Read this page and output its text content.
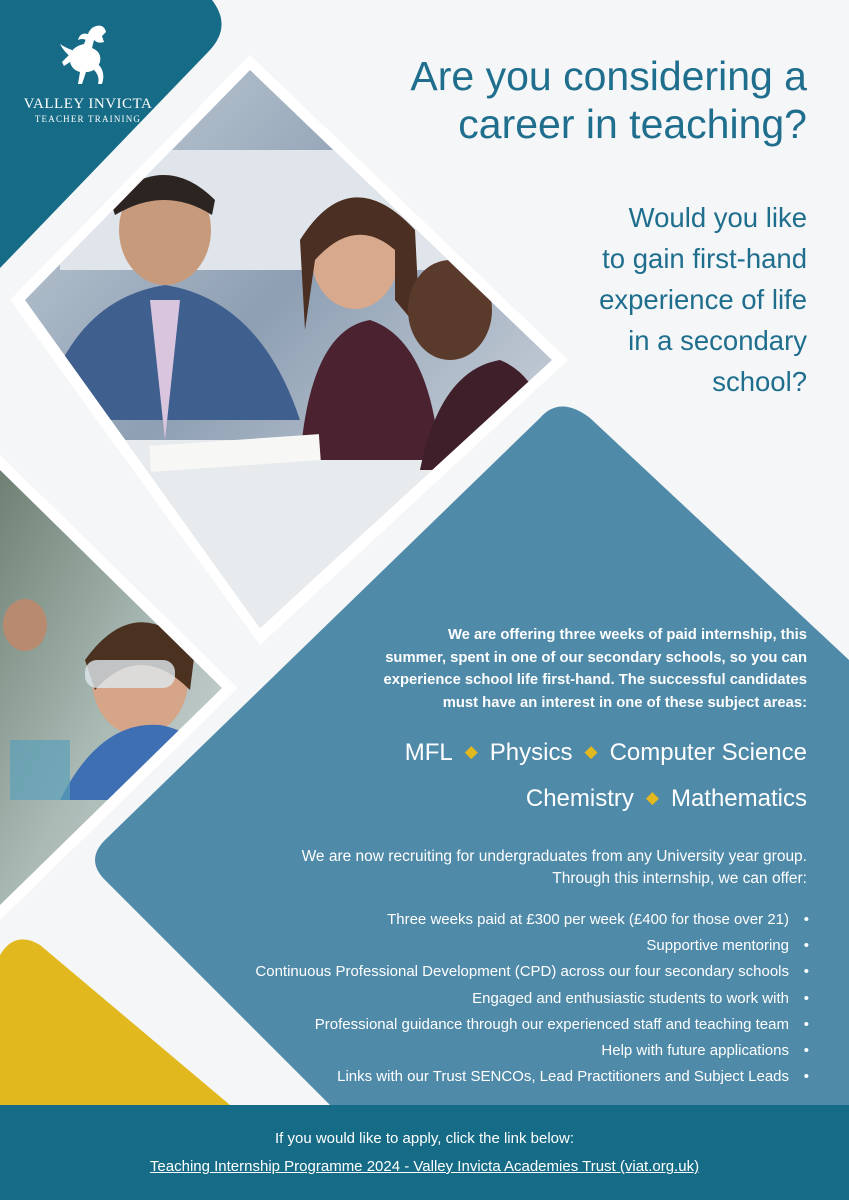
VALLEY INVICTA
TEACHER TRAINING
Are you considering a
career in teaching?
Would you like
to gain first-hand
experience of life
in a secondary
school?
We are offering three weeks of paid internship, this
summer, spent in one of our secondary schools, so you can
experience school life first-hand. The successful candidates
must have an interest in one of these subject areas:
MFL ◆ Physics ◆ Computer Science
Chemistry ◆ Mathematics
We are now recruiting for undergraduates from any University year group.
Through this internship, we can offer:
Three weeks paid at £300 per week (£400 for those over 21) •
Supportive mentoring •
Continuous Professional Development (CPD) across our four secondary schools •
Engaged and enthusiastic students to work with •
Professional guidance through our experienced staff and teaching team •
Help with future applications •
Links with our Trust SENCOs, Lead Practitioners and Subject Leads •
If you would like to apply, click the link below:
Teaching Internship Programme 2024 - Valley Invicta Academies Trust (viat.org.uk)
